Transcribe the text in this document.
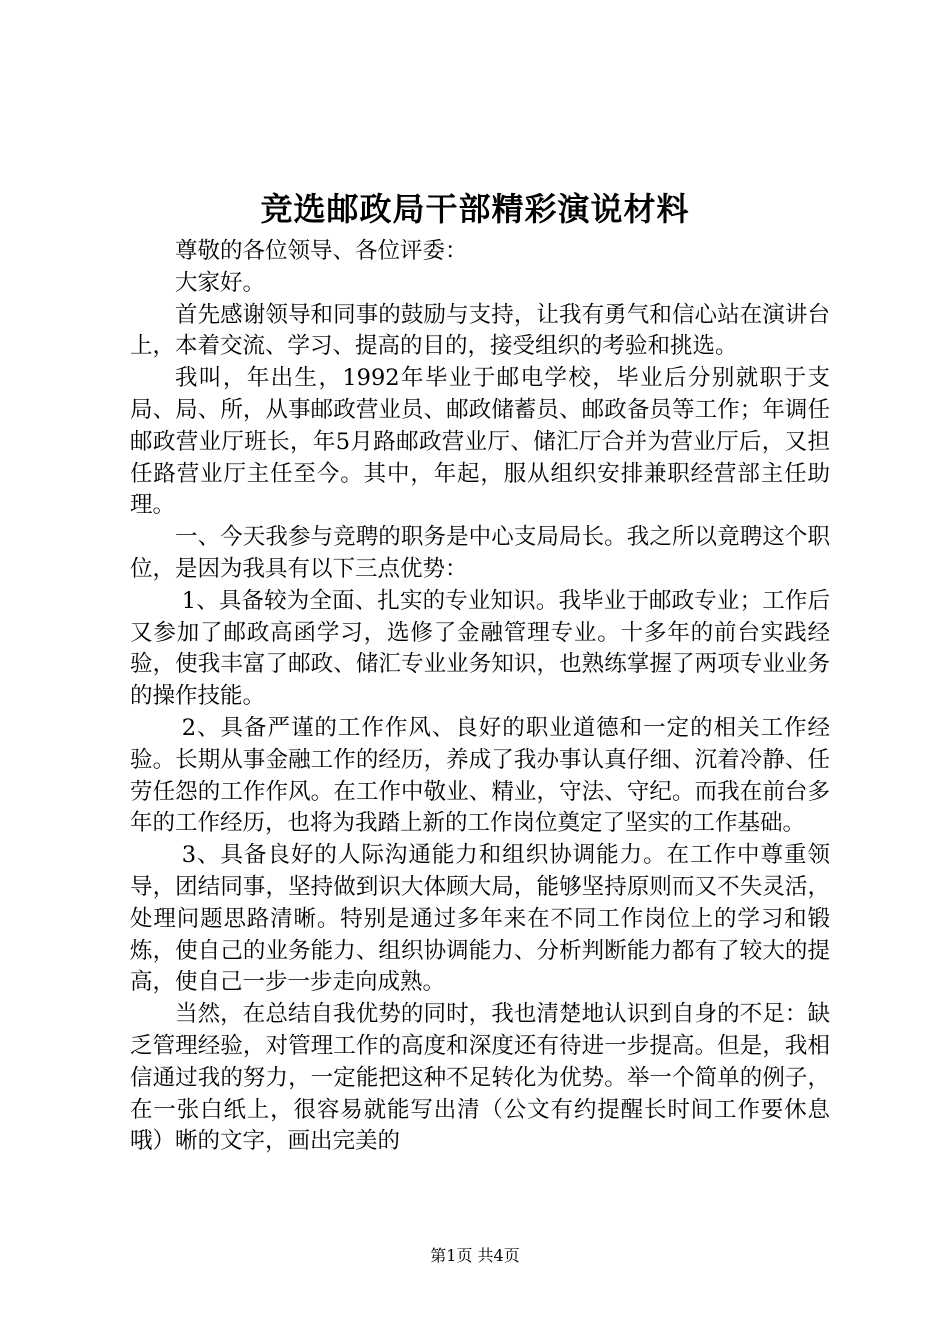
竞选邮政局干部精彩演说材料

尊敬的各位领导、各位评委：

大家好。

首先感谢领导和同事的鼓励与支持，让我有勇气和信心站在演讲台上，本着交流、学习、提高的目的，接受组织的考验和挑选。

我叫，年出生，1992年毕业于邮电学校，毕业后分别就职于支局、局、所，从事邮政营业员、邮政储蓄员、邮政备员等工作；年调任邮政营业厅班长，年5月路邮政营业厅、储汇厅合并为营业厅后，又担任路营业厅主任至今。其中，年起，服从组织安排兼职经营部主任助理。

一、今天我参与竞聘的职务是中心支局局长。我之所以竟聘这个职位，是因为我具有以下三点优势：

1、具备较为全面、扎实的专业知识。我毕业于邮政专业；工作后又参加了邮政高函学习，选修了金融管理专业。十多年的前台实践经验，使我丰富了邮政、储汇专业业务知识，也熟练掌握了两项专业业务的操作技能。

2、具备严谨的工作作风、良好的职业道德和一定的相关工作经验。长期从事金融工作的经历，养成了我办事认真仔细、沉着冷静、任劳任怨的工作作风。在工作中敬业、精业，守法、守纪。而我在前台多年的工作经历，也将为我踏上新的工作岗位奠定了坚实的工作基础。

3、具备良好的人际沟通能力和组织协调能力。在工作中尊重领导，团结同事，坚持做到识大体顾大局，能够坚持原则而又不失灵活，处理问题思路清晰。特别是通过多年来在不同工作岗位上的学习和锻炼，使自己的业务能力、组织协调能力、分析判断能力都有了较大的提高，使自己一步一步走向成熟。

当然，在总结自我优势的同时，我也清楚地认识到自身的不足：缺乏管理经验，对管理工作的高度和深度还有待进一步提高。但是，我相信通过我的努力，一定能把这种不足转化为优势。举一个简单的例子，在一张白纸上，很容易就能写出清（公文有约提醒长时间工作要休息哦）晰的文字，画出完美的

第1页 共4页
